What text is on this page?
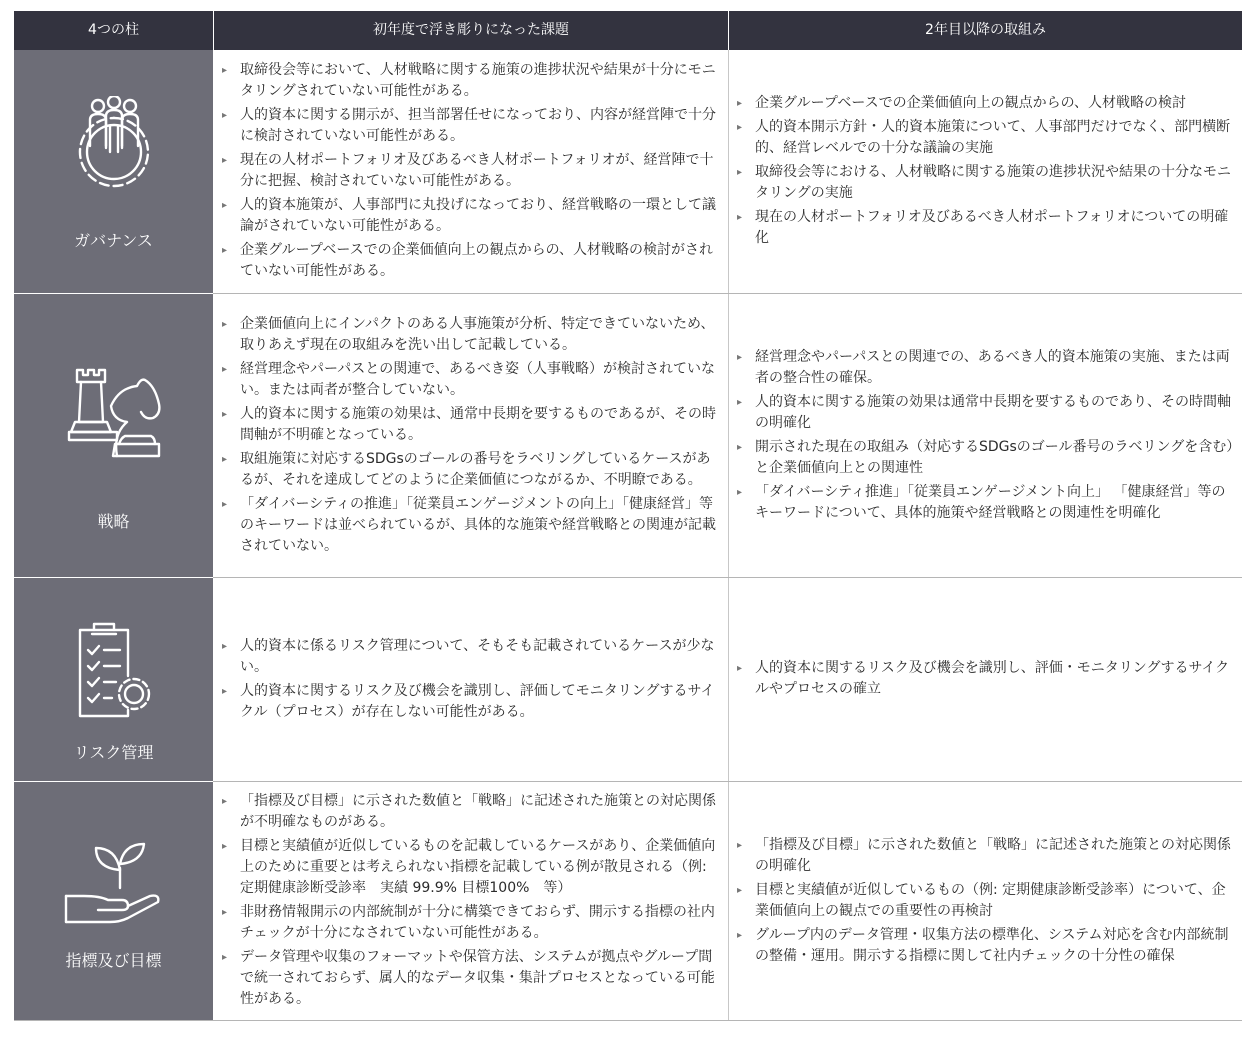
4つの柱	初年度で浮き彫りになった課題	2年目以降の取組み
ガバナンス
▸ 取締役会等において、人材戦略に関する施策の進捗状況や結果が十分にモニタリングされていない可能性がある。
▸ 人的資本に関する開示が、担当部署任せになっており、内容が経営陣で十分に検討されていない可能性がある。
▸ 現在の人材ポートフォリオ及びあるべき人材ポートフォリオが、経営陣で十分に把握、検討されていない可能性がある。
▸ 人的資本施策が、人事部門に丸投げになっており、経営戦略の一環として議論がされていない可能性がある。
▸ 企業グループベースでの企業価値向上の観点からの、人材戦略の検討がされていない可能性がある。
▸ 企業グループベースでの企業価値向上の観点からの、人材戦略の検討
▸ 人的資本開示方針・人的資本施策について、人事部門だけでなく、部門横断的、経営レベルでの十分な議論の実施
▸ 取締役会等における、人材戦略に関する施策の進捗状況や結果の十分なモニタリングの実施
▸ 現在の人材ポートフォリオ及びあるべき人材ポートフォリオについての明確化
戦略
▸ 企業価値向上にインパクトのある人事施策が分析、特定できていないため、取りあえず現在の取組みを洗い出して記載している。
▸ 経営理念やパーパスとの関連で、あるべき姿（人事戦略）が検討されていない。または両者が整合していない。
▸ 人的資本に関する施策の効果は、通常中長期を要するものであるが、その時間軸が不明確となっている。
▸ 取組施策に対応するSDGsのゴールの番号をラベリングしているケースがあるが、それを達成してどのように企業価値につながるか、不明瞭である。
▸ 「ダイバーシティの推進」「従業員エンゲージメントの向上」「健康経営」等のキーワードは並べられているが、具体的な施策や経営戦略との関連が記載されていない。
▸ 経営理念やパーパスとの関連での、あるべき人的資本施策の実施、または両者の整合性の確保。
▸ 人的資本に関する施策の効果は通常中長期を要するものであり、その時間軸の明確化
▸ 開示された現在の取組み（対応するSDGsのゴール番号のラベリングを含む）と企業価値向上との関連性
▸ 「ダイバーシティ推進」「従業員エンゲージメント向上」 「健康経営」等のキーワードについて、具体的施策や経営戦略との関連性を明確化
リスク管理
▸ 人的資本に係るリスク管理について、そもそも記載されているケースが少ない。
▸ 人的資本に関するリスク及び機会を識別し、評価してモニタリングするサイクル（プロセス）が存在しない可能性がある。
▸ 人的資本に関するリスク及び機会を識別し、評価・モニタリングするサイクルやプロセスの確立
指標及び目標
▸ 「指標及び目標」に示された数値と「戦略」に記述された施策との対応関係が不明確なものがある。
▸ 目標と実績値が近似しているものを記載しているケースがあり、企業価値向上のために重要とは考えられない指標を記載している例が散見される（例: 定期健康診断受診率　実績 99.9% 目標100%　等）
▸ 非財務情報開示の内部統制が十分に構築できておらず、開示する指標の社内チェックが十分になされていない可能性がある。
▸ データ管理や収集のフォーマットや保管方法、システムが拠点やグループ間で統一されておらず、属人的なデータ収集・集計プロセスとなっている可能性がある。
▸ 「指標及び目標」に示された数値と「戦略」に記述された施策との対応関係の明確化
▸ 目標と実績値が近似しているもの（例: 定期健康診断受診率）について、企業価値向上の観点での重要性の再検討
▸ グループ内のデータ管理・収集方法の標準化、システム対応を含む内部統制の整備・運用。開示する指標に関して社内チェックの十分性の確保
